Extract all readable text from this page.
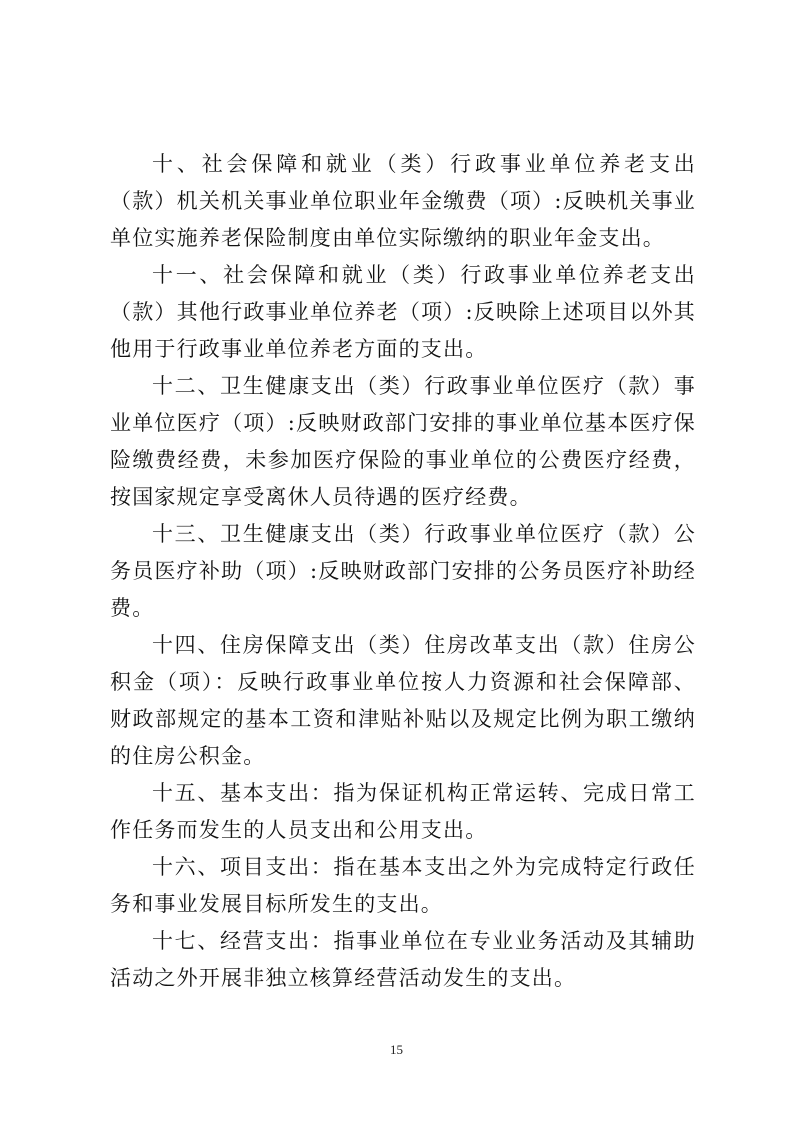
十、社会保障和就业（类）行政事业单位养老支出（款）机关机关事业单位职业年金缴费（项）:反映机关事业单位实施养老保险制度由单位实际缴纳的职业年金支出。

十一、社会保障和就业（类）行政事业单位养老支出（款）其他行政事业单位养老（项）:反映除上述项目以外其他用于行政事业单位养老方面的支出。

十二、卫生健康支出（类）行政事业单位医疗（款）事业单位医疗（项）:反映财政部门安排的事业单位基本医疗保险缴费经费，未参加医疗保险的事业单位的公费医疗经费，按国家规定享受离休人员待遇的医疗经费。

十三、卫生健康支出（类）行政事业单位医疗（款）公务员医疗补助（项）:反映财政部门安排的公务员医疗补助经费。

十四、住房保障支出（类）住房改革支出（款）住房公积金（项）：反映行政事业单位按人力资源和社会保障部、财政部规定的基本工资和津贴补贴以及规定比例为职工缴纳的住房公积金。

十五、基本支出：指为保证机构正常运转、完成日常工作任务而发生的人员支出和公用支出。

十六、项目支出：指在基本支出之外为完成特定行政任务和事业发展目标所发生的支出。

十七、经营支出：指事业单位在专业业务活动及其辅助活动之外开展非独立核算经营活动发生的支出。

15
